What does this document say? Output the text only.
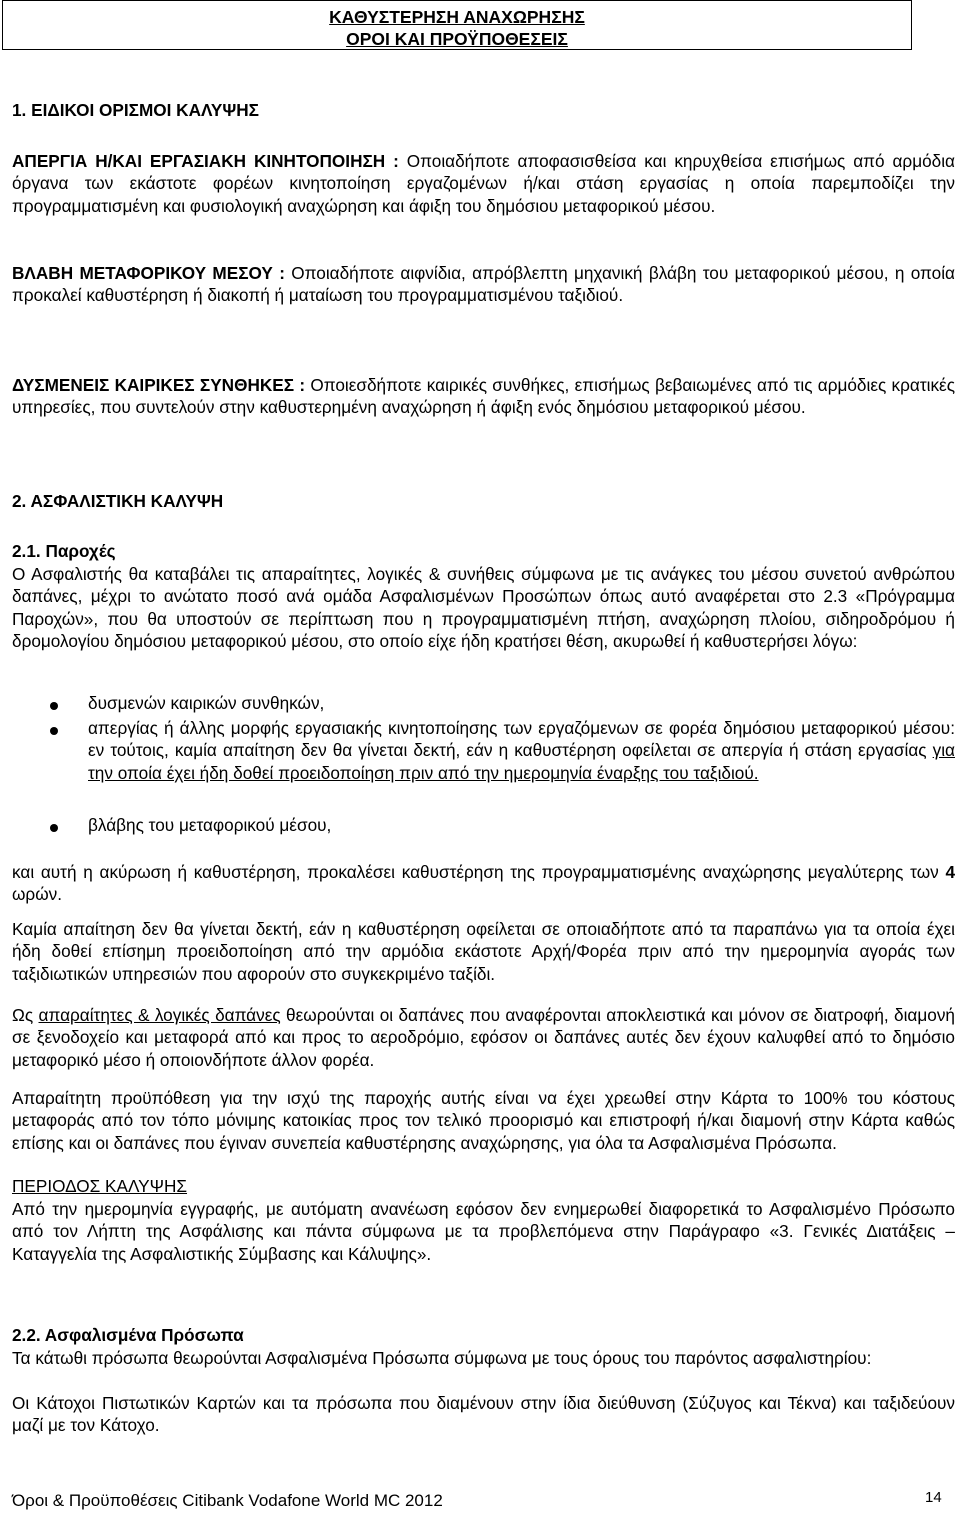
ΚΑΘΥΣΤΕΡΗΣΗ ΑΝΑΧΩΡΗΣΗΣ
ΟΡΟΙ ΚΑΙ ΠΡΟΫΠΟΘΕΣΕΙΣ

1. ΕΙΔΙΚΟΙ ΟΡΙΣΜΟΙ ΚΑΛΥΨΗΣ

ΑΠΕΡΓΙΑ Η/ΚΑΙ ΕΡΓΑΣΙΑΚΗ ΚΙΝΗΤΟΠΟΙΗΣΗ : Οποιαδήποτε αποφασισθείσα και κηρυχθείσα επισήμως από αρμόδια όργανα των εκάστοτε φορέων κινητοποίηση εργαζομένων ή/και στάση εργασίας η οποία παρεμποδίζει την προγραμματισμένη και φυσιολογική αναχώρηση και άφιξη του δημόσιου μεταφορικού μέσου.

ΒΛΑΒΗ ΜΕΤΑΦΟΡΙΚΟΥ ΜΕΣΟΥ : Οποιαδήποτε αιφνίδια, απρόβλεπτη μηχανική βλάβη του μεταφορικού μέσου, η οποία προκαλεί καθυστέρηση ή διακοπή ή ματαίωση του προγραμματισμένου ταξιδιού.

ΔΥΣΜΕΝΕΙΣ ΚΑΙΡΙΚΕΣ ΣΥΝΘΗΚΕΣ : Οποιεσδήποτε καιρικές συνθήκες, επισήμως βεβαιωμένες από τις αρμόδιες κρατικές υπηρεσίες, που συντελούν στην καθυστερημένη αναχώρηση ή άφιξη ενός δημόσιου μεταφορικού μέσου.

2. ΑΣΦΑΛΙΣΤΙΚΗ ΚΑΛΥΨΗ

2.1. Παροχές

Ο Ασφαλιστής θα καταβάλει τις απαραίτητες, λογικές & συνήθεις σύμφωνα με τις ανάγκες του μέσου συνετού ανθρώπου δαπάνες, μέχρι το ανώτατο ποσό ανά ομάδα Ασφαλισμένων Προσώπων όπως αυτό αναφέρεται στο 2.3 «Πρόγραμμα Παροχών», που θα υποστούν σε περίπτωση που η προγραμματισμένη πτήση, αναχώρηση πλοίου, σιδηροδρόμου ή δρομολογίου δημόσιου μεταφορικού μέσου, στο οποίο είχε ήδη κρατήσει θέση, ακυρωθεί ή καθυστερήσει λόγω:

δυσμενών καιρικών συνθηκών,

απεργίας ή άλλης μορφής εργασιακής κινητοποίησης των εργαζόμενων σε φορέα δημόσιου μεταφορικού μέσου: εν τούτοις, καμία απαίτηση δεν θα γίνεται δεκτή, εάν η καθυστέρηση οφείλεται σε απεργία ή στάση εργασίας για την οποία έχει ήδη δοθεί προειδοποίηση πριν από την ημερομηνία έναρξης του ταξιδιού.

βλάβης του μεταφορικού μέσου,

και αυτή η ακύρωση ή καθυστέρηση, προκαλέσει καθυστέρηση της προγραμματισμένης αναχώρησης μεγαλύτερης των 4 ωρών.

Καμία απαίτηση δεν θα γίνεται δεκτή, εάν η καθυστέρηση οφείλεται σε οποιαδήποτε από τα παραπάνω για τα οποία έχει ήδη δοθεί επίσημη προειδοποίηση από την αρμόδια εκάστοτε Αρχή/Φορέα πριν από την ημερομηνία αγοράς των ταξιδιωτικών υπηρεσιών που αφορούν στο συγκεκριμένο ταξίδι.

Ως απαραίτητες & λογικές δαπάνες θεωρούνται οι δαπάνες που αναφέρονται αποκλειστικά και μόνον σε διατροφή, διαμονή σε ξενοδοχείο και μεταφορά από και προς το αεροδρόμιο, εφόσον οι δαπάνες αυτές δεν έχουν καλυφθεί από το δημόσιο μεταφορικό μέσο ή οποιονδήποτε άλλον φορέα.

Απαραίτητη προϋπόθεση για την ισχύ της παροχής αυτής είναι να έχει χρεωθεί στην Κάρτα το 100% του κόστους μεταφοράς από τον τόπο μόνιμης κατοικίας προς τον τελικό προορισμό και επιστροφή ή/και διαμονή στην Κάρτα καθώς επίσης και οι δαπάνες που έγιναν συνεπεία καθυστέρησης αναχώρησης, για όλα τα Ασφαλισμένα Πρόσωπα.

ΠΕΡΙΟΔΟΣ ΚΑΛΥΨΗΣ

Από την ημερομηνία εγγραφής, με αυτόματη ανανέωση εφόσον δεν ενημερωθεί διαφορετικά το Ασφαλισμένο Πρόσωπο από τον Λήπτη της Ασφάλισης και πάντα σύμφωνα με τα προβλεπόμενα στην Παράγραφο «3. Γενικές Διατάξεις – Καταγγελία της Ασφαλιστικής Σύμβασης και Κάλυψης».

2.2. Ασφαλισμένα Πρόσωπα

Τα κάτωθι πρόσωπα θεωρούνται Ασφαλισμένα Πρόσωπα σύμφωνα με τους όρους του παρόντος ασφαλιστηρίου:

Οι Κάτοχοι Πιστωτικών Καρτών και τα πρόσωπα που διαμένουν στην ίδια διεύθυνση (Σύζυγος και Τέκνα) και ταξιδεύουν μαζί με τον Κάτοχο.

Όροι & Προϋποθέσεις Citibank Vodafone World MC 2012	14
